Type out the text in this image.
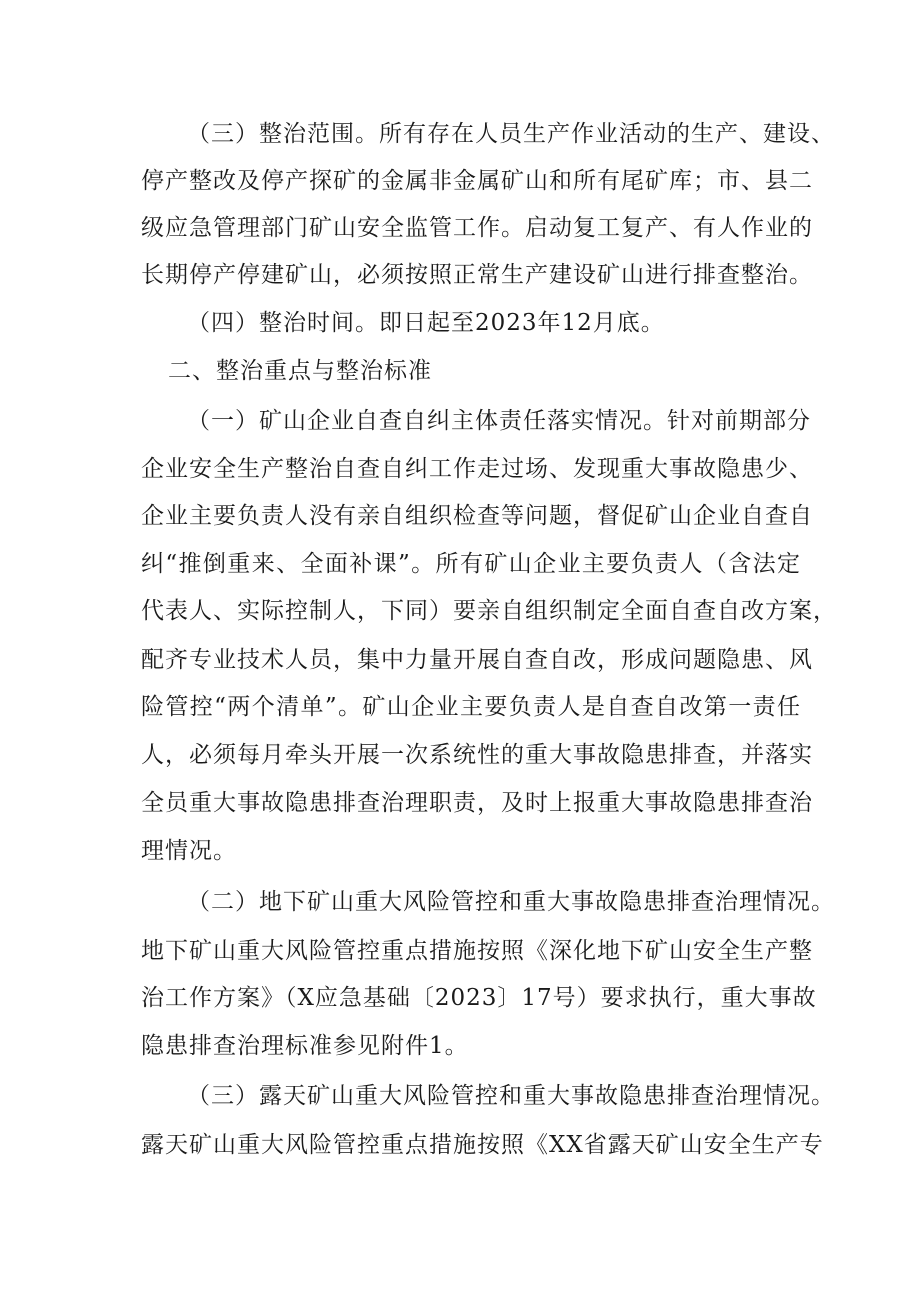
（三）整治范围。所有存在人员生产作业活动的生产、建设、
停产整改及停产探矿的金属非金属矿山和所有尾矿库；市、县二
级应急管理部门矿山安全监管工作。启动复工复产、有人作业的
长期停产停建矿山，必须按照正常生产建设矿山进行排查整治。
（四）整治时间。即日起至2023年12月底。
二、整治重点与整治标准
（一）矿山企业自查自纠主体责任落实情况。针对前期部分
企业安全生产整治自查自纠工作走过场、发现重大事故隐患少、
企业主要负责人没有亲自组织检查等问题，督促矿山企业自查自
纠“推倒重来、全面补课”。所有矿山企业主要负责人（含法定
代表人、实际控制人，下同）要亲自组织制定全面自查自改方案，
配齐专业技术人员，集中力量开展自查自改，形成问题隐患、风
险管控“两个清单”。矿山企业主要负责人是自查自改第一责任
人，必须每月牵头开展一次系统性的重大事故隐患排查，并落实
全员重大事故隐患排查治理职责，及时上报重大事故隐患排查治
理情况。
（二）地下矿山重大风险管控和重大事故隐患排查治理情况。
地下矿山重大风险管控重点措施按照《深化地下矿山安全生产整
治工作方案》（X应急基础〔2023〕17号）要求执行，重大事故
隐患排查治理标准参见附件1。
（三）露天矿山重大风险管控和重大事故隐患排查治理情况。
露天矿山重大风险管控重点措施按照《XX省露天矿山安全生产专
